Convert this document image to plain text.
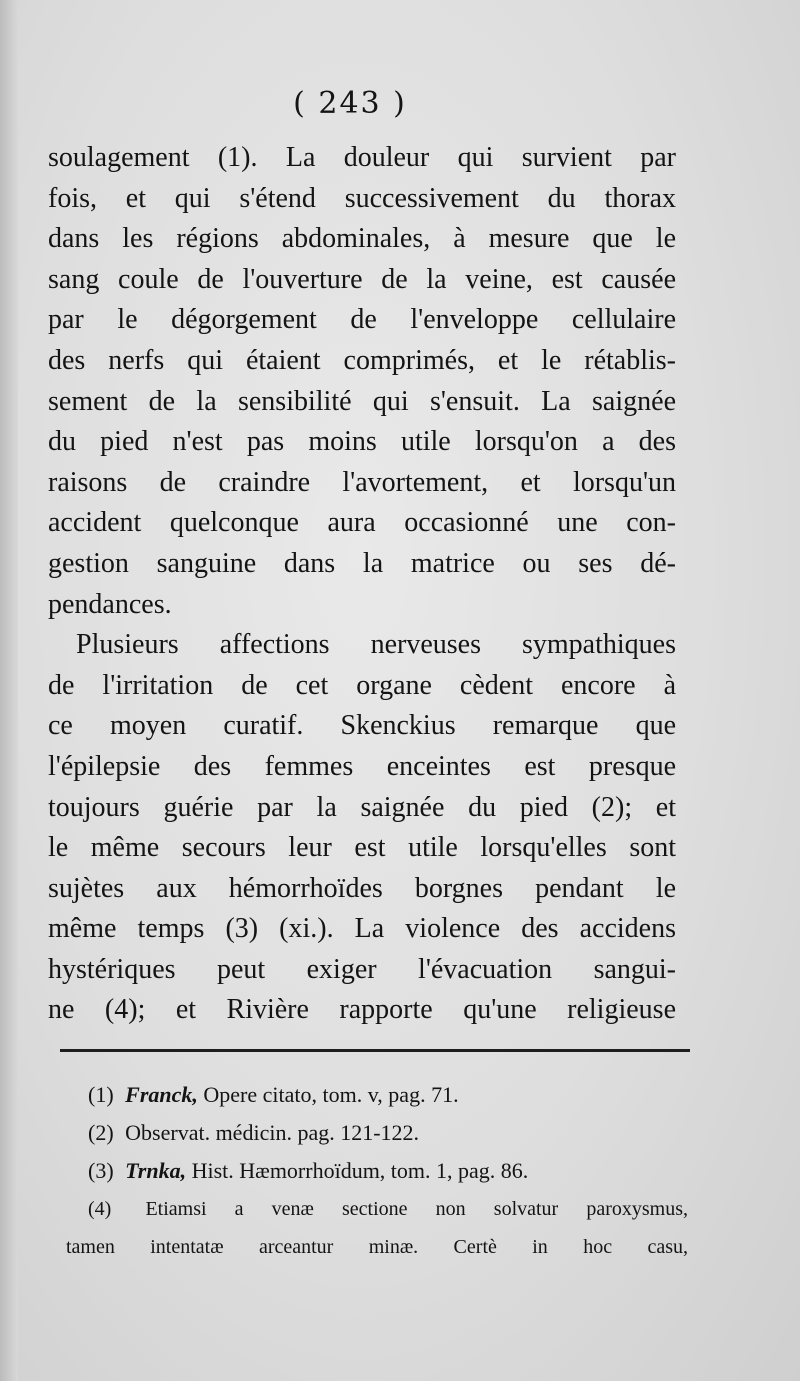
( 243 )
soulagement (1). La douleur qui survient par
fois, et qui s'étend successivement du thorax
dans les régions abdominales, à mesure que le
sang coule de l'ouverture de la veine, est causée
par le dégorgement de l'enveloppe cellulaire
des nerfs qui étaient comprimés, et le rétablis-
sement de la sensibilité qui s'ensuit. La saignée
du pied n'est pas moins utile lorsqu'on a des
raisons de craindre l'avortement, et lorsqu'un
accident quelconque aura occasionné une con-
gestion sanguine dans la matrice ou ses dé-
pendances.
Plusieurs affections nerveuses sympathiques
de l'irritation de cet organe cèdent encore à
ce moyen curatif. Skenckius remarque que
l'épilepsie des femmes enceintes est presque
toujours guérie par la saignée du pied (2); et
le même secours leur est utile lorsqu'elles sont
sujètes aux hémorrhoïdes borgnes pendant le
même temps (3) (xi.). La violence des accidens
hystériques peut exiger l'évacuation sangui-
ne (4); et Rivière rapporte qu'une religieuse
(1) Franck, Opere citato, tom. v, pag. 71.
(2) Observat. médicin. pag. 121-122.
(3) Trnka, Hist. Hæmorrhoïdum, tom. 1, pag. 86.
(4) Etiamsi a venæ sectione non solvatur paroxysmus,
tamen intentatæ arceantur minæ. Certè in hoc casu,
